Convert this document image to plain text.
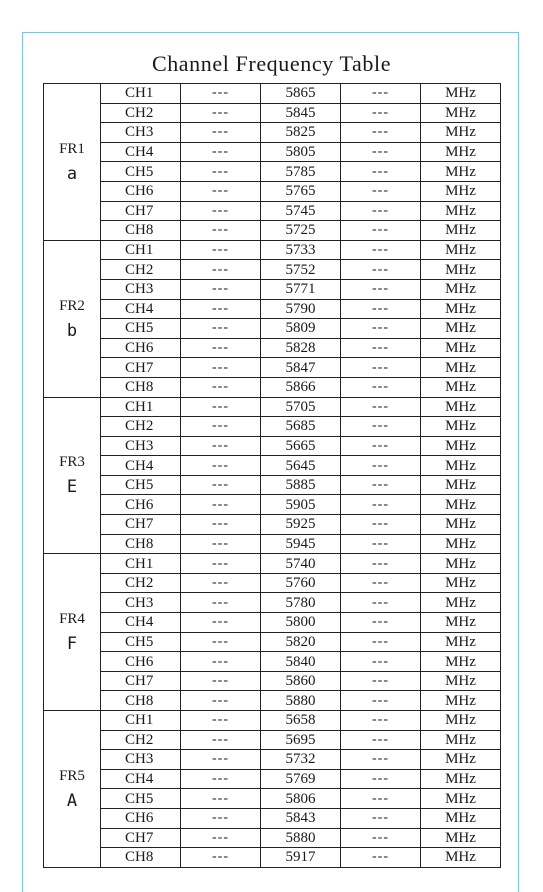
Channel Frequency Table
FR1
a	CH1	---	5865	---	MHz
	CH2	---	5845	---	MHz
	CH3	---	5825	---	MHz
	CH4	---	5805	---	MHz
	CH5	---	5785	---	MHz
	CH6	---	5765	---	MHz
	CH7	---	5745	---	MHz
	CH8	---	5725	---	MHz

FR2
b	CH1	---	5733	---	MHz
	CH2	---	5752	---	MHz
	CH3	---	5771	---	MHz
	CH4	---	5790	---	MHz
	CH5	---	5809	---	MHz
	CH6	---	5828	---	MHz
	CH7	---	5847	---	MHz
	CH8	---	5866	---	MHz

FR3
E	CH1	---	5705	---	MHz
	CH2	---	5685	---	MHz
	CH3	---	5665	---	MHz
	CH4	---	5645	---	MHz
	CH5	---	5885	---	MHz
	CH6	---	5905	---	MHz
	CH7	---	5925	---	MHz
	CH8	---	5945	---	MHz

FR4
F	CH1	---	5740	---	MHz
	CH2	---	5760	---	MHz
	CH3	---	5780	---	MHz
	CH4	---	5800	---	MHz
	CH5	---	5820	---	MHz
	CH6	---	5840	---	MHz
	CH7	---	5860	---	MHz
	CH8	---	5880	---	MHz

FR5
A	CH1	---	5658	---	MHz
	CH2	---	5695	---	MHz
	CH3	---	5732	---	MHz
	CH4	---	5769	---	MHz
	CH5	---	5806	---	MHz
	CH6	---	5843	---	MHz
	CH7	---	5880	---	MHz
	CH8	---	5917	---	MHz
